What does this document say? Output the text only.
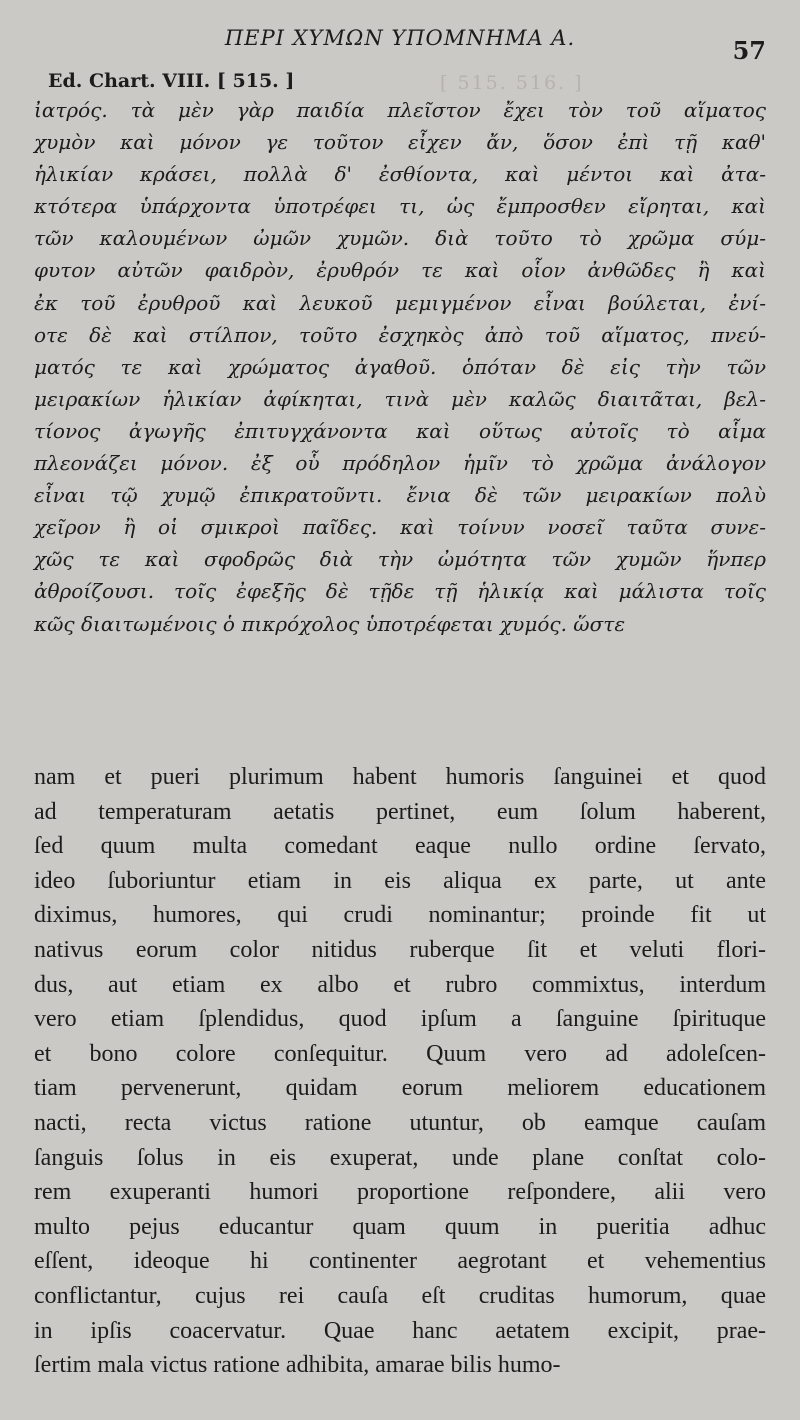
ΠΕΡΙ ΧΥΜΩΝ ΥΠΟΜΝΗΜΑ Α.	57
Ed. Chart. VIII. [ 515. ]	[ 515. 516. ]
ἰατρός. τὰ μὲν γὰρ παιδία πλεῖστον ἔχει τὸν τοῦ αἵματος
χυμὸν καὶ μόνον γε τοῦτον εἶχεν ἄν, ὅσον ἐπὶ τῇ καθ'
ἡλικίαν κράσει, πολλὰ δ' ἐσθίοντα, καὶ μέντοι καὶ ἀτα-
κτότερα ὑπάρχοντα ὑποτρέφει τι, ὡς ἔμπροσθεν εἴρηται, καὶ
τῶν καλουμένων ὠμῶν χυμῶν. διὰ τοῦτο τὸ χρῶμα σύμ-
φυτον αὐτῶν φαιδρὸν, ἐρυθρόν τε καὶ οἷον ἀνθῶδες ἢ καὶ
ἐκ τοῦ ἐρυθροῦ καὶ λευκοῦ μεμιγμένον εἶναι βούλεται, ἐνί-
οτε δὲ καὶ στίλπον, τοῦτο ἐσχηκὸς ἀπὸ τοῦ αἵματος, πνεύ-
ματός τε καὶ χρώματος ἀγαθοῦ. ὁπόταν δὲ εἰς τὴν τῶν
μειρακίων ἡλικίαν ἀφίκηται, τινὰ μὲν καλῶς διαιτᾶται, βελ-
τίονος ἀγωγῆς ἐπιτυγχάνοντα καὶ οὕτως αὐτοῖς τὸ αἷμα
πλεονάζει μόνον. ἐξ οὗ πρόδηλον ἡμῖν τὸ χρῶμα ἀνάλογον
εἶναι τῷ χυμῷ ἐπικρατοῦντι. ἔνια δὲ τῶν μειρακίων πολὺ
χεῖρον ἢ οἱ σμικροὶ παῖδες. καὶ τοίνυν νοσεῖ ταῦτα συνε-
χῶς τε καὶ σφοδρῶς διὰ τὴν ὠμότητα τῶν χυμῶν ἥνπερ
ἀθροίζουσι. τοῖς ἐφεξῆς δὲ τῇδε τῇ ἡλικίᾳ καὶ μάλιστα τοῖς
κῶς διαιτωμένοις ὁ πικρόχολος ὑποτρέφεται χυμός. ὥστε
nam et pueri plurimum habent humoris ſanguinei et quod
ad temperaturam aetatis pertinet, eum ſolum haberent,
ſed quum multa comedant eaque nullo ordine ſervato,
ideo ſuboriuntur etiam in eis aliqua ex parte, ut ante
diximus, humores, qui crudi nominantur; proinde fit ut
nativus eorum color nitidus ruberque ſit et veluti flori-
dus, aut etiam ex albo et rubro commixtus, interdum
vero etiam ſplendidus, quod ipſum a ſanguine ſpirituque
et bono colore conſequitur. Quum vero ad adoleſcen-
tiam pervenerunt, quidam eorum meliorem educationem
nacti, recta victus ratione utuntur, ob eamque cauſam
ſanguis ſolus in eis exuperat, unde plane conſtat colo-
rem exuperanti humori proportione reſpondere, alii vero
multo pejus educantur quam quum in pueritia adhuc
eſſent, ideoque hi continenter aegrotant et vehementius
conflictantur, cujus rei cauſa eſt cruditas humorum, quae
in ipſis coacervatur. Quae hanc aetatem excipit, prae-
ſertim mala victus ratione adhibita, amarae bilis humo-
